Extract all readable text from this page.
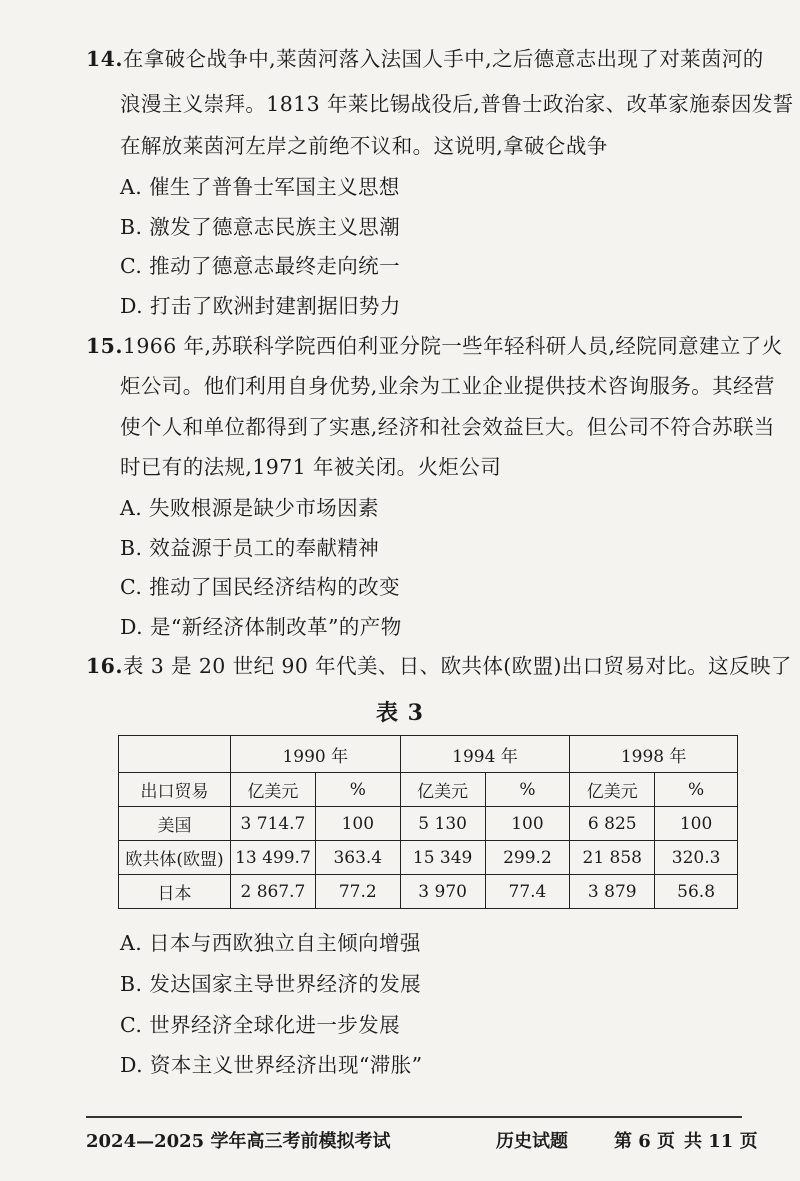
14.在拿破仑战争中,莱茵河落入法国人手中,之后德意志出现了对莱茵河的
浪漫主义崇拜。1813 年莱比锡战役后,普鲁士政治家、改革家施泰因发誓
在解放莱茵河左岸之前绝不议和。这说明,拿破仑战争
A. 催生了普鲁士军国主义思想
B. 激发了德意志民族主义思潮
C. 推动了德意志最终走向统一
D. 打击了欧洲封建割据旧势力
15.1966 年,苏联科学院西伯利亚分院一些年轻科研人员,经院同意建立了火
炬公司。他们利用自身优势,业余为工业企业提供技术咨询服务。其经营
使个人和单位都得到了实惠,经济和社会效益巨大。但公司不符合苏联当
时已有的法规,1971 年被关闭。火炬公司
A. 失败根源是缺少市场因素
B. 效益源于员工的奉献精神
C. 推动了国民经济结构的改变
D. 是“新经济体制改革”的产物
16.表 3 是 20 世纪 90 年代美、日、欧共体(欧盟)出口贸易对比。这反映了
表 3
	1990 年		1994 年		1998 年	
出口贸易	亿美元	%	亿美元	%	亿美元	%
美国	3 714.7	100	5 130	100	6 825	100
欧共体(欧盟)	13 499.7	363.4	15 349	299.2	21 858	320.3
日本	2 867.7	77.2	3 970	77.4	3 879	56.8
A. 日本与西欧独立自主倾向增强
B. 发达国家主导世界经济的发展
C. 世界经济全球化进一步发展
D. 资本主义世界经济出现“滞胀”
2024—2025 学年高三考前模拟考试	历史试题	第 6 页 共 11 页
